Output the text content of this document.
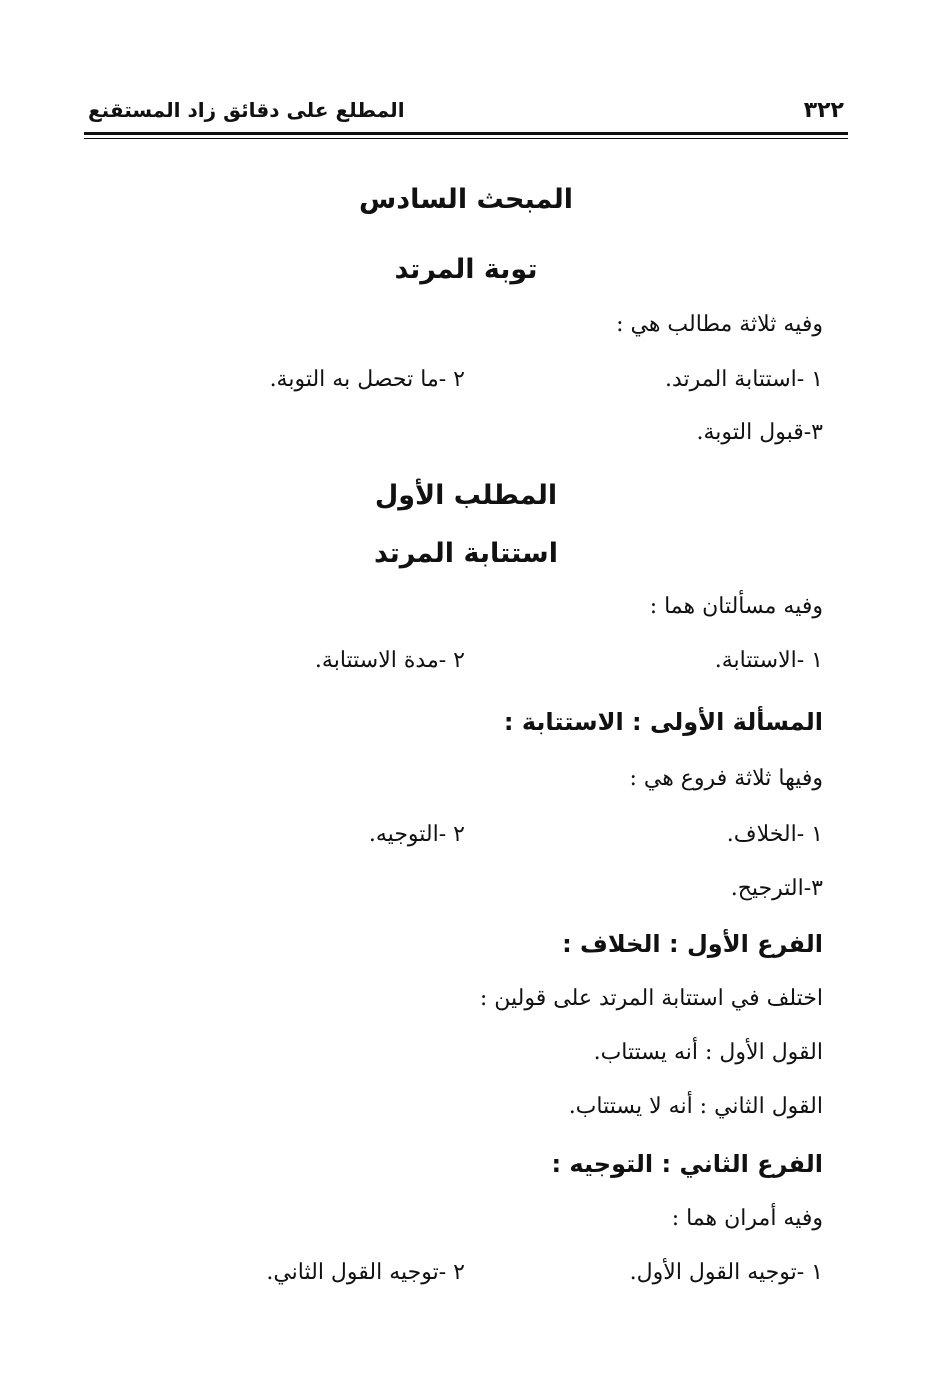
٣٢٢
المطلع على دقائق زاد المستقنع
المبحث السادس
توبة المرتد
وفيه ثلاثة مطالب هي :
١ -استتابة المرتد.
٢ -ما تحصل به التوبة.
٣-قبول التوبة.
المطلب الأول
استتابة المرتد
وفيه مسألتان هما :
١ -الاستتابة.
٢ -مدة الاستتابة.
المسألة الأولى : الاستتابة :
وفيها ثلاثة فروع هي :
١ -الخلاف.
٢ -التوجيه.
٣-الترجيح.
الفرع الأول : الخلاف :
اختلف في استتابة المرتد على قولين :
القول الأول : أنه يستتاب.
القول الثاني : أنه لا يستتاب.
الفرع الثاني : التوجيه :
وفيه أمران هما :
١ -توجيه القول الأول.
٢ -توجيه القول الثاني.
